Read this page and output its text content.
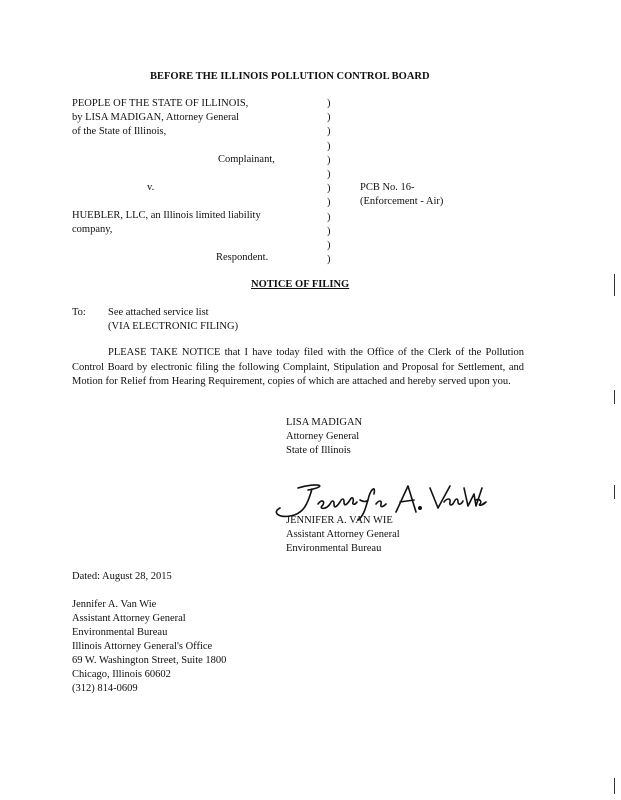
BEFORE THE ILLINOIS POLLUTION CONTROL BOARD
PEOPLE OF THE STATE OF ILLINOIS,
by LISA MADIGAN, Attorney General
of the State of Illinois,
Complainant,
v.
HUEBLER, LLC, an Illinois limited liability
company,
Respondent.
)
)
)
)
)
)
)
)
)
)
)
)
PCB No. 16-
(Enforcement - Air)
NOTICE OF FILING
To: See attached service list
(VIA ELECTRONIC FILING)
PLEASE TAKE NOTICE that I have today filed with the Office of the Clerk of the Pollution Control Board by electronic filing the following Complaint, Stipulation and Proposal for Settlement, and Motion for Relief from Hearing Requirement, copies of which are attached and hereby served upon you.
LISA MADIGAN
Attorney General
State of Illinois
JENNIFER A. VAN WIE
Assistant Attorney General
Environmental Bureau
Dated: August 28, 2015
Jennifer A. Van Wie
Assistant Attorney General
Environmental Bureau
Illinois Attorney General's Office
69 W. Washington Street, Suite 1800
Chicago, Illinois 60602
(312) 814-0609
